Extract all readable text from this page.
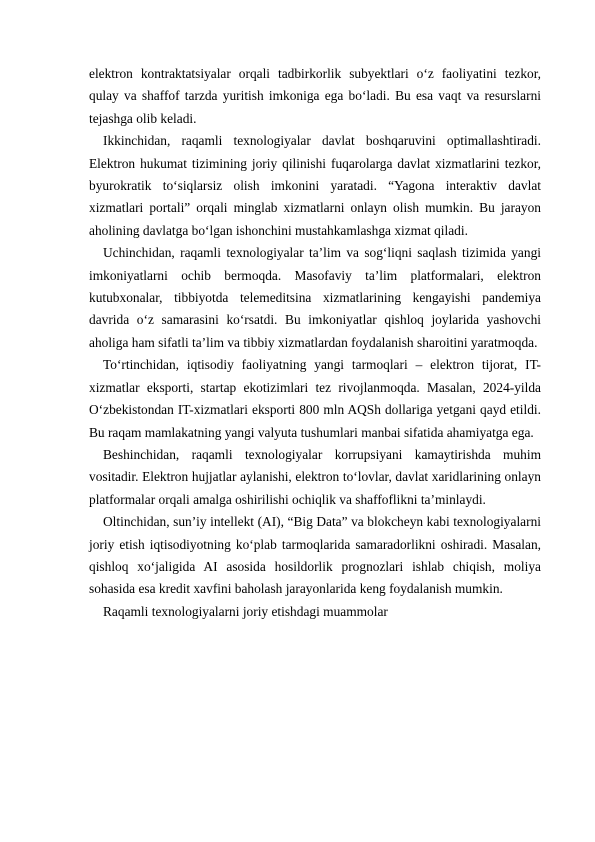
elektron kontraktatsiyalar orqali tadbirkorlik subyektlari o‘z faoliyatini tezkor, qulay va shaffof tarzda yuritish imkoniga ega bo‘ladi. Bu esa vaqt va resurslarni tejashga olib keladi.

Ikkinchidan, raqamli texnologiyalar davlat boshqaruvini optimallashtiradi. Elektron hukumat tizimining joriy qilinishi fuqarolarga davlat xizmatlarini tezkor, byurokratik to‘siqlarsiz olish imkonini yaratadi. “Yagona interaktiv davlat xizmatlari portali” orqali minglab xizmatlarni onlayn olish mumkin. Bu jarayon aholining davlatga bo‘lgan ishonchini mustahkamlashga xizmat qiladi.

Uchinchidan, raqamli texnologiyalar ta’lim va sog‘liqni saqlash tizimida yangi imkoniyatlarni ochib bermoqda. Masofaviy ta’lim platformalari, elektron kutubxonalar, tibbiyotda telemeditsina xizmatlarining kengayishi pandemiya davrida o‘z samarasini ko‘rsatdi. Bu imkoniyatlar qishloq joylarida yashovchi aholiga ham sifatli ta’lim va tibbiy xizmatlardan foydalanish sharoitini yaratmoqda.

To‘rtinchidan, iqtisodiy faoliyatning yangi tarmoqlari – elektron tijorat, IT-xizmatlar eksporti, startap ekotizimlari tez rivojlanmoqda. Masalan, 2024-yilda O‘zbekistondan IT-xizmatlari eksporti 800 mln AQSh dollariga yetgani qayd etildi. Bu raqam mamlakatning yangi valyuta tushumlari manbai sifatida ahamiyatga ega.

Beshinchidan, raqamli texnologiyalar korrupsiyani kamaytirishda muhim vositadir. Elektron hujjatlar aylanishi, elektron to‘lovlar, davlat xaridlarining onlayn platformalar orqali amalga oshirilishi ochiqlik va shaffoflikni ta’minlaydi.

Oltinchidan, sun’iy intellekt (AI), “Big Data” va blokcheyn kabi texnologiyalarni joriy etish iqtisodiyotning ko‘plab tarmoqlarida samaradorlikni oshiradi. Masalan, qishloq xo‘jaligida AI asosida hosildorlik prognozlari ishlab chiqish, moliya sohasida esa kredit xavfini baholash jarayonlarida keng foydalanish mumkin.

Raqamli texnologiyalarni joriy etishdagi muammolar
